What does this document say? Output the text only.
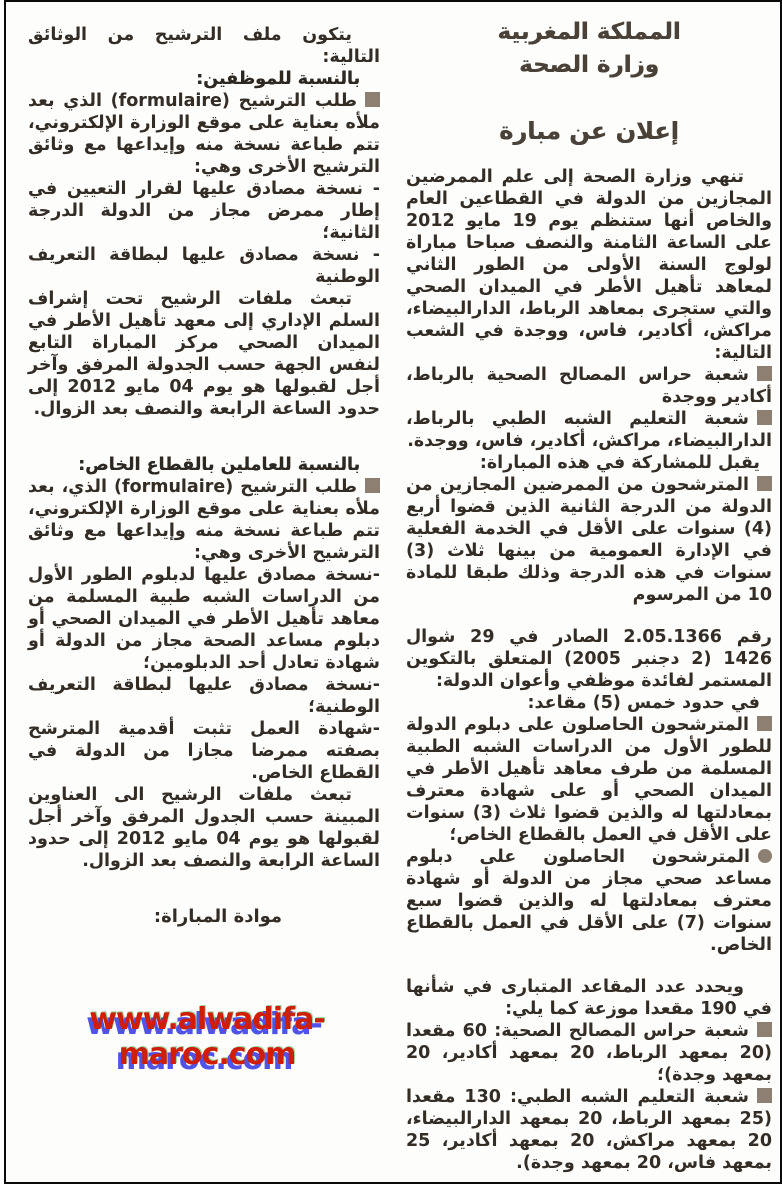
المملكة المغربية
وزارة الصحة
إعلان عن مبارة
تنهي وزارة الصحة إلى علم الممرضين المجازين من الدولة في القطاعين العام والخاص أنها ستنظم يوم 19 مايو 2012 على الساعة الثامنة والنصف صباحا مباراة لولوج السنة الأولى من الطور الثاني لمعاهد تأهيل الأطر في الميدان الصحي والتي ستجرى بمعاهد الرباط، الدارالبيضاء، مراكش، أكادير، فاس، ووجدة في الشعب التالية:
شعبة حراس المصالح الصحية بالرباط، أكادير ووجدة
شعبة التعليم الشبه الطبي بالرباط، الدارالبيضاء، مراكش، أكادير، فاس، ووجدة.
يقبل للمشاركة في هذه المباراة:
المترشحون من الممرضين المجازين من الدولة من الدرجة الثانية الذين قضوا أربع (4) سنوات على الأقل في الخدمة الفعلية في الإدارة العمومية من بينها ثلاث (3) سنوات في هذه الدرجة وذلك طبقا للمادة 10 من المرسوم
رقم 2.05.1366 الصادر في 29 شوال 1426 (2 دجنبر 2005) المتعلق بالتكوين المستمر لفائدة موظفي وأعوان الدولة:
في حدود خمس (5) مقاعد:
المترشحون الحاصلون على دبلوم الدولة للطور الأول من الدراسات الشبه الطبية المسلمة من طرف معاهد تأهيل الأطر في الميدان الصحي أو على شهادة معترف بمعادلتها له والذين قضوا ثلاث (3) سنوات على الأقل في العمل بالقطاع الخاص؛
المترشحون الحاصلون على دبلوم مساعد صحي مجاز من الدولة أو شهادة معترف بمعادلتها له والذين قضوا سبع سنوات (7) على الأقل في العمل بالقطاع الخاص.
ويحدد عدد المقاعد المتبارى في شأنها في 190 مقعدا موزعة كما يلي:
شعبة حراس المصالح الصحية: 60 مقعدا (20 بمعهد الرباط، 20 بمعهد أكادير، 20 بمعهد وجدة)؛
شعبة التعليم الشبه الطبي: 130 مقعدا (25 بمعهد الرباط، 20 بمعهد الدارالبيضاء، 20 بمعهد مراكش، 20 بمعهد أكادير، 25 بمعهد فاس، 20 بمعهد وجدة).
يتكون ملف الترشيح من الوثائق التالية:
بالنسبة للموظفين:
طلب الترشيح (formulaire) الذي بعد ملأه بعناية على موقع الوزارة الإلكتروني، تتم طباعة نسخة منه وإيداعها مع وثائق الترشيح الأخرى وهي:
- نسخة مصادق عليها لقرار التعيين في إطار ممرض مجاز من الدولة الدرجة الثانية؛
- نسخة مصادق عليها لبطاقة التعريف الوطنية
تبعث ملفات الرشيح تحت إشراف السلم الإداري إلى معهد تأهيل الأطر في الميدان الصحي مركز المباراة التابع لنفس الجهة حسب الجدولة المرفق وآخر أجل لقبولها هو يوم 04 مايو 2012 إلى حدود الساعة الرابعة والنصف بعد الزوال.
بالنسبة للعاملين بالقطاع الخاص:
طلب الترشيح (formulaire) الذي، بعد ملأه بعناية على موقع الوزارة الإلكتروني، تتم طباعة نسخة منه وإيداعها مع وثائق الترشيح الأخرى وهي:
-نسخة مصادق عليها لدبلوم الطور الأول من الدراسات الشبه طبية المسلمة من معاهد تأهيل الأطر في الميدان الصحي أو دبلوم مساعد الصحة مجاز من الدولة أو شهادة تعادل أحد الدبلومين؛
-نسخة مصادق عليها لبطاقة التعريف الوطنية؛
-شهادة العمل تثبت أقدمية المترشح بصفته ممرضا مجازا من الدولة في القطاع الخاص.
تبعث ملفات الرشيح الى العناوين المبينة حسب الجدول المرفق وآخر أجل لقبولها هو يوم 04 مايو 2012 إلى حدود الساعة الرابعة والنصف بعد الزوال.
موادة المباراة:
www.alwadifa-maroc.com
